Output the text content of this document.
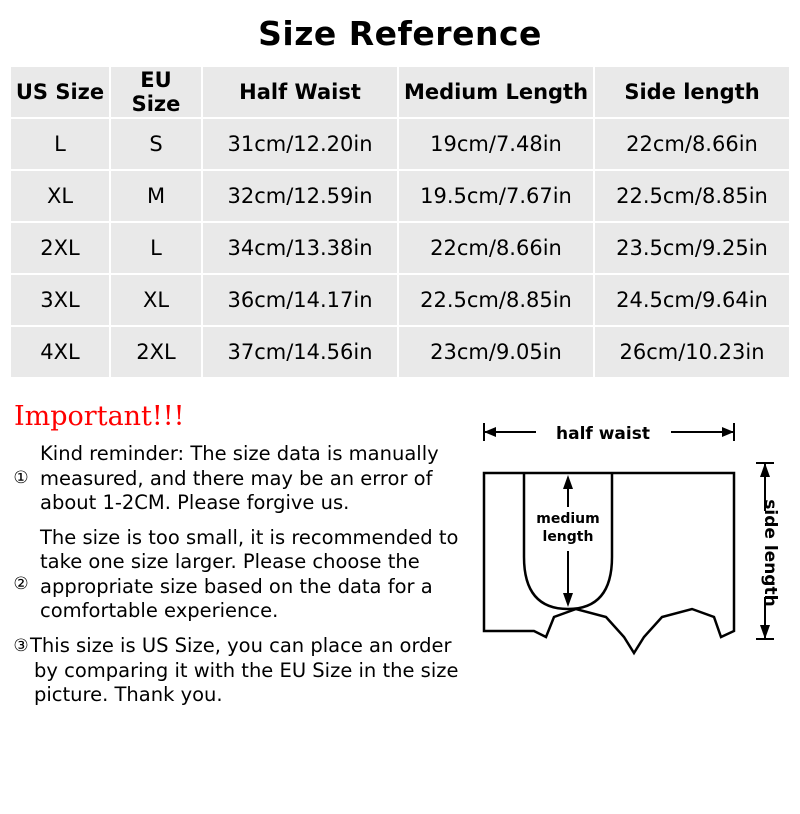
Size Reference
US Size	EU Size	Half Waist	Medium Length	Side length
L	S	31cm/12.20in	19cm/7.48in	22cm/8.66in
XL	M	32cm/12.59in	19.5cm/7.67in	22.5cm/8.85in
2XL	L	34cm/13.38in	22cm/8.66in	23.5cm/9.25in
3XL	XL	36cm/14.17in	22.5cm/8.85in	24.5cm/9.64in
4XL	2XL	37cm/14.56in	23cm/9.05in	26cm/10.23in
Important!!!
①
Kind reminder: The size data is manually measured, and there may be an error of about 1-2CM. Please forgive us.
②
The size is too small, it is recommended to take one size larger. Please choose the appropriate size based on the data for a comfortable experience.
③ This size is US Size, you can place an order by comparing it with the EU Size in the size picture. Thank you.
half waist
medium
length	side length
